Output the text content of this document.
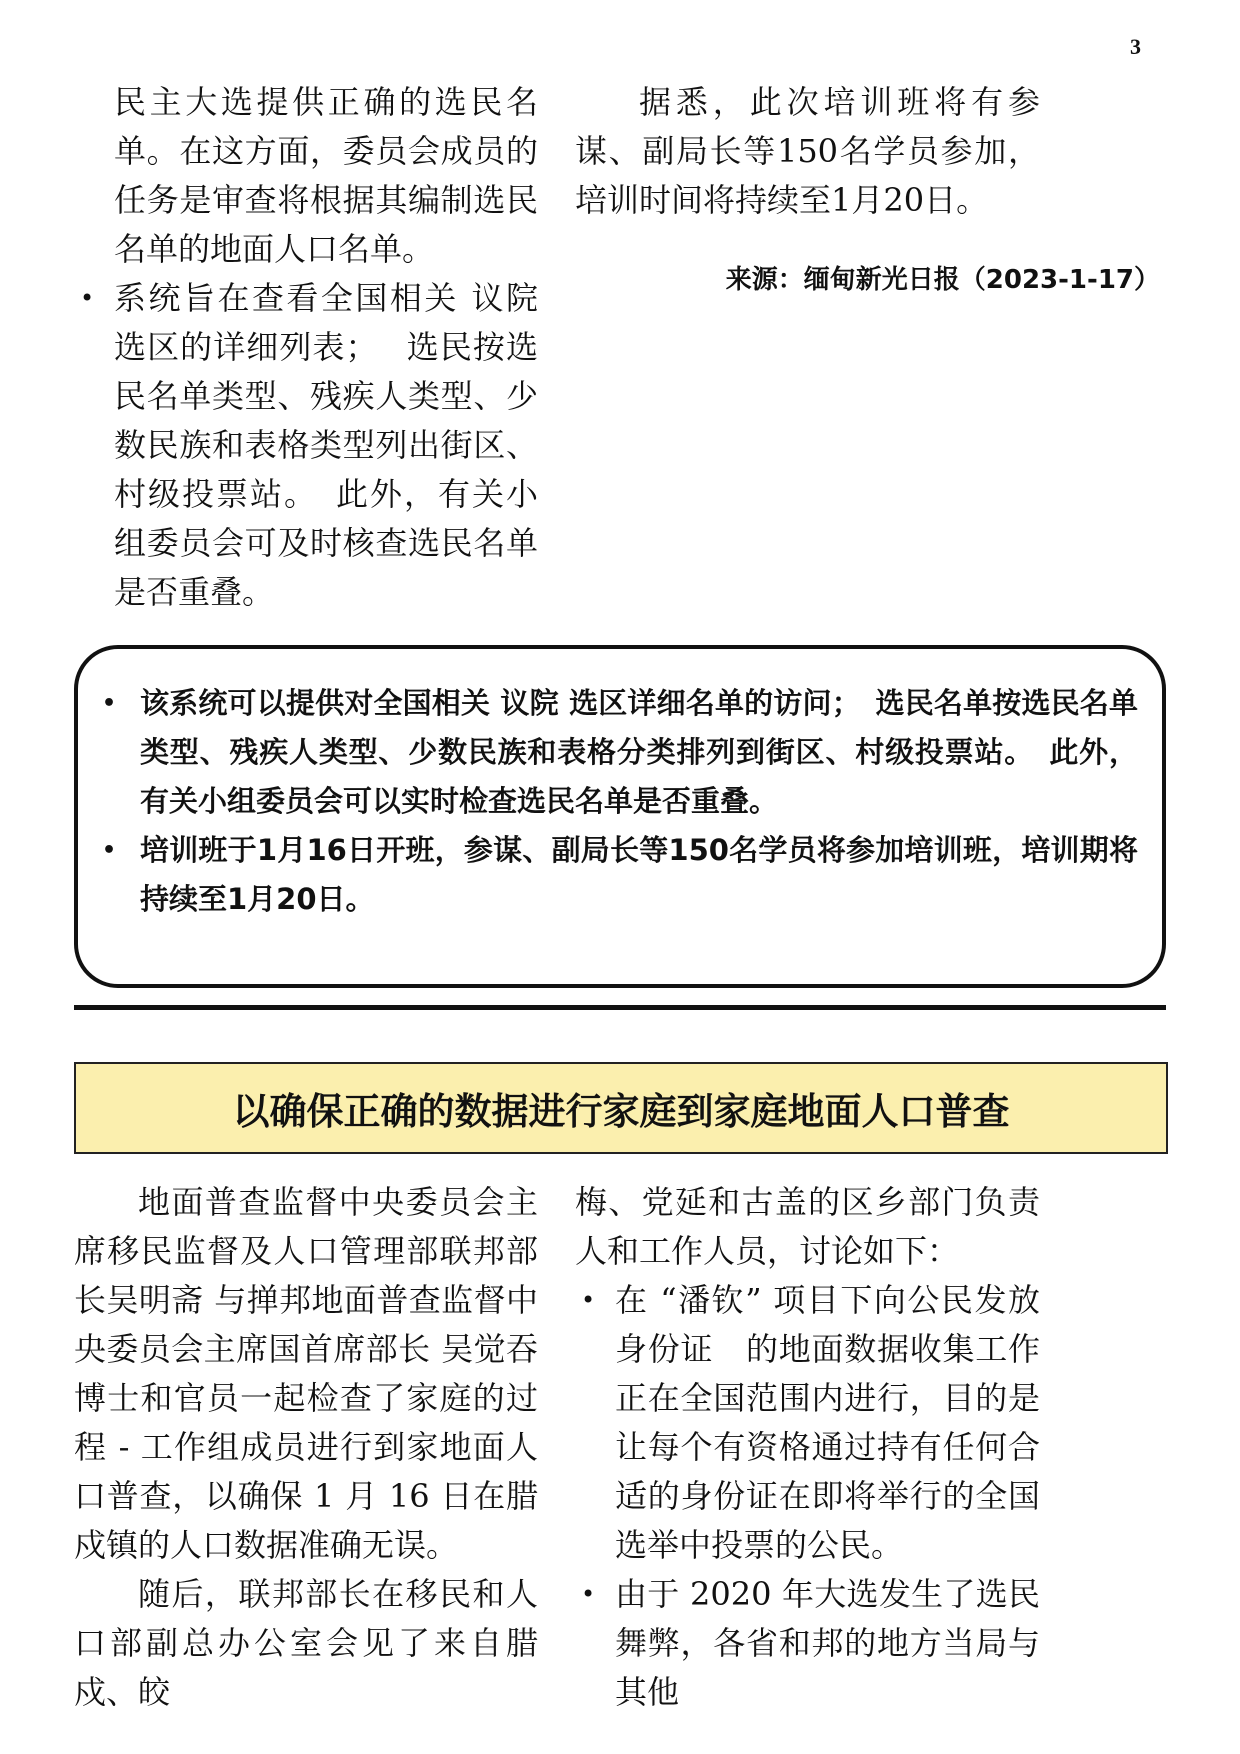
3

民主大选提供正确的选民名单。在这方面，委员会成员的任务是审查将根据其编制选民名单的地面人口名单。

• 系统旨在查看全国相关 议院 选区的详细列表；　 选民按选民名单类型、残疾人类型、少数民族和表格类型列出街区、村级投票站。　此外，有关小组委员会可及时核查选民名单是否重叠。

据悉，此次培训班将有参谋、副局长等150名学员参加，培训时间将持续至1月20日。

来源：缅甸新光日报（2023-1-17）
• 该系统可以提供对全国相关 议院 选区详细名单的访问；　选民名单按选民名单类型、残疾人类型、少数民族和表格分类排列到街区、村级投票站。　此外，有关小组委员会可以实时检查选民名单是否重叠。
• 培训班于1月16日开班，参谋、副局长等150名学员将参加培训班，培训期将持续至1月20日。
以确保正确的数据进行家庭到家庭地面人口普查

地面普查监督中央委员会主席移民监督及人口管理部联邦部长吴明斋 与掸邦地面普查监督中央委员会主席国首席部长 吴觉吞 博士和官员一起检查了家庭的过程 - 工作组成员进行到家地面人口普查，以确保 1 月 16 日在腊戍镇的人口数据准确无误。

随后，联邦部长在移民和人口部副总办公室会见了来自腊戍、皎

梅、党延和古盖的区乡部门负责人和工作人员，讨论如下：

• 在 “潘钦” 项目下向公民发放身份证　的地面数据收集工作正在全国范围内进行，目的是让每个有资格通过持有任何合适的身份证在即将举行的全国选举中投票的公民。
• 由于 2020 年大选发生了选民舞弊，各省和邦的地方当局与其他
